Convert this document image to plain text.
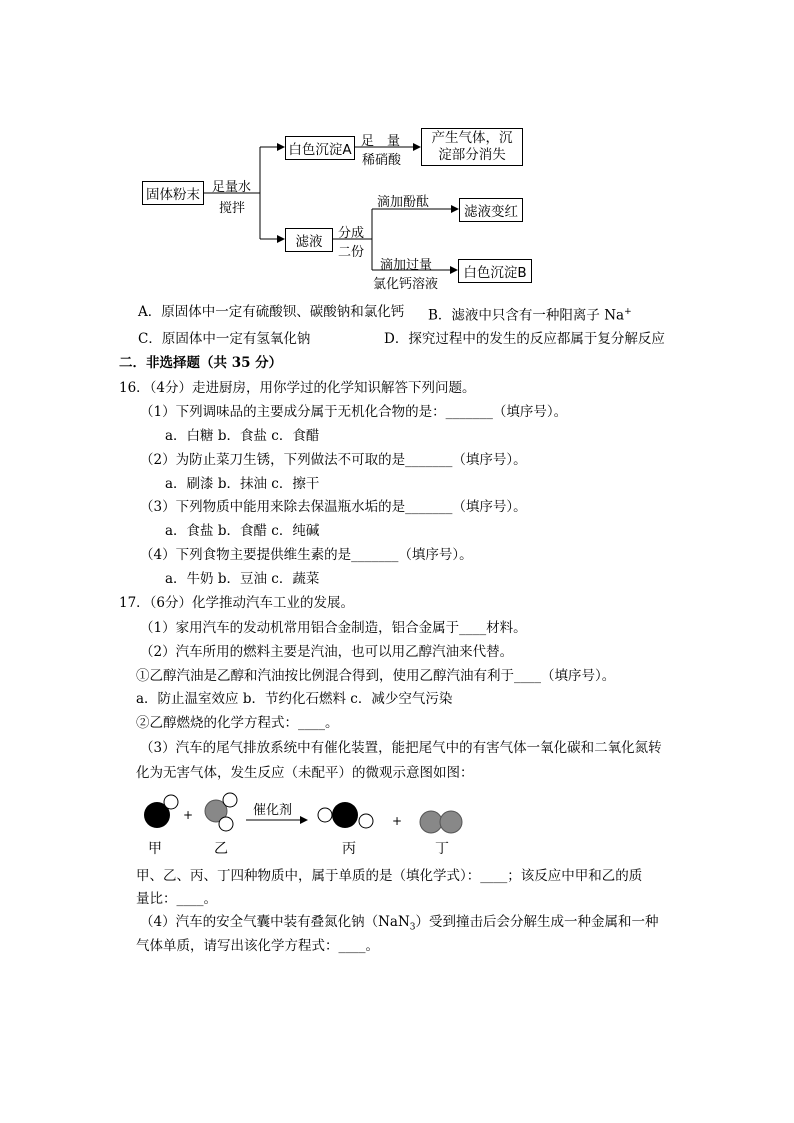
固体粉末 足量水
搅拌
白色沉淀A
足　量
稀硝酸
产生气体，沉
淀部分消失
滤液
分成
二份
滴加酚酞
滤液变红
滴加过量
氯化钙溶液
白色沉淀B
A．原固体中一定有硫酸钡、碳酸钠和氯化钙 B．滤液中只含有一种阳离子 Na+
C．原固体中一定有氢氧化钠	D．探究过程中的发生的反应都属于复分解反应
二．非选择题（共 35 分）
16．（4分）走进厨房，用你学过的化学知识解答下列问题。
（1）下列调味品的主要成分属于无机化合物的是：_______（填序号）。
a．白糖 b．食盐 c．食醋
（2）为防止菜刀生锈，下列做法不可取的是_______（填序号）。
a．刷漆 b．抹油 c．擦干
（3）下列物质中能用来除去保温瓶水垢的是_______（填序号）。
a．食盐 b．食醋 c．纯碱
（4）下列食物主要提供维生素的是_______（填序号）。
a．牛奶 b．豆油 c．蔬菜
17．（6分）化学推动汽车工业的发展。
（1）家用汽车的发动机常用铝合金制造，铝合金属于____材料。
（2）汽车所用的燃料主要是汽油，也可以用乙醇汽油来代替。
①乙醇汽油是乙醇和汽油按比例混合得到，使用乙醇汽油有利于____（填序号）。
a．防止温室效应 b．节约化石燃料 c．减少空气污染
②乙醇燃烧的化学方程式：____。
（3）汽车的尾气排放系统中有催化装置，能把尾气中的有害气体一氧化碳和二氧化氮转
化为无害气体，发生反应（未配平）的微观示意图如图：
+	催化剂
+
甲	乙	丙	丁
甲、乙、丙、丁四种物质中，属于单质的是（填化学式）：____；该反应中甲和乙的质
量比：____。
（4）汽车的安全气囊中装有叠氮化钠（NaN$_3$）受到撞击后会分解生成一种金属和一种
气体单质，请写出该化学方程式：____。
